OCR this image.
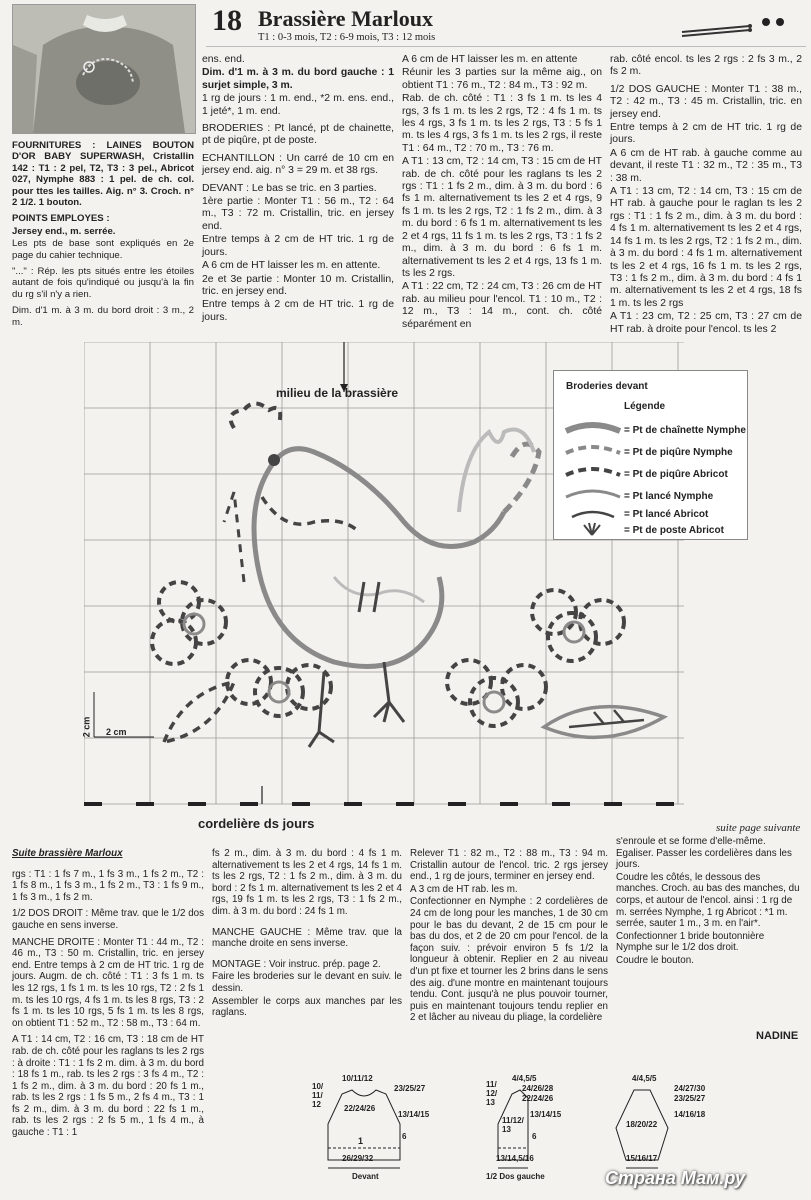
18 Brassière Marloux
T1 : 0-3 mois, T2 : 6-9 mois, T3 : 12 mois

FOURNITURES : LAINES BOUTON D'OR BABY SUPERWASH, Cristallin 142 : T1 : 2 pel, T2, T3 : 3 pel., Abricot 027, Nymphe 883 : 1 pel. de ch. col. pour ttes les tailles. Aig. n° 3. Croch. n° 2 1/2. 1 bouton.

POINTS EMPLOYES :

Jersey end., m. serrée.

Les pts de base sont expliqués en 2e page du cahier technique.

"..." : Rép. les pts situés entre les étoiles autant de fois qu'indiqué ou jusqu'à la fin du rg s'il n'y a rien.

Dim. d'1 m. à 3 m. du bord droit : 3 m., 2 m.

ens. end.

Dim. d'1 m. à 3 m. du bord gauche : 1 surjet simple, 3 m.

1 rg de jours : 1 m. end., *2 m. ens. end., 1 jeté*, 1 m. end.

BRODERIES : Pt lancé, pt de chainette, pt de piqûre, pt de poste.

ECHANTILLON : Un carré de 10 cm en jersey end. aig. n° 3 = 29 m. et 38 rgs.

DEVANT : Le bas se tric. en 3 parties.

1ère partie : Monter T1 : 56 m., T2 : 64 m., T3 : 72 m. Cristallin, tric. en jersey end.

Entre temps à 2 cm de HT tric. 1 rg de jours.

A 6 cm de HT laisser les m. en attente.

2e et 3e partie : Monter 10 m. Cristallin, tric. en jersey end.

Entre temps à 2 cm de HT tric. 1 rg de jours.

A 6 cm de HT laisser les m. en attente

Réunir les 3 parties sur la même aig., on obtient T1 : 76 m., T2 : 84 m., T3 : 92 m.

Rab. de ch. côté : T1 : 3 fs 1 m. ts les 4 rgs, 3 fs 1 m. ts les 2 rgs, T2 : 4 fs 1 m. ts les 4 rgs, 3 fs 1 m. ts les 2 rgs, T3 : 5 fs 1 m. ts les 4 rgs, 3 fs 1 m. ts les 2 rgs, il reste T1 : 64 m., T2 : 70 m., T3 : 76 m.

A T1 : 13 cm, T2 : 14 cm, T3 : 15 cm de HT rab. de ch. côté pour les raglans ts les 2 rgs : T1 : 1 fs 2 m., dim. à 3 m. du bord : 6 fs 1 m. alternativement ts les 2 et 4 rgs, 9 fs 1 m. ts les 2 rgs, T2 : 1 fs 2 m., dim. à 3 m. du bord : 6 fs 1 m. alternativement ts les 2 et 4 rgs, 11 fs 1 m. ts les 2 rgs, T3 : 1 fs 2 m., dim. à 3 m. du bord : 6 fs 1 m. alternativement ts les 2 et 4 rgs, 13 fs 1 m. ts les 2 rgs.

A T1 : 22 cm, T2 : 24 cm, T3 : 26 cm de HT rab. au milieu pour l'encol. T1 : 10 m., T2 : 12 m., T3 : 14 m., cont. ch. côté séparément en

rab. côté encol. ts les 2 rgs : 2 fs 3 m., 2 fs 2 m.

1/2 DOS GAUCHE : Monter T1 : 38 m., T2 : 42 m., T3 : 45 m. Cristallin, tric. en jersey end.

Entre temps à 2 cm de HT tric. 1 rg de jours.

A 6 cm de HT rab. à gauche comme au devant, il reste T1 : 32 m., T2 : 35 m., T3 : 38 m.

A T1 : 13 cm, T2 : 14 cm, T3 : 15 cm de HT rab. à gauche pour le raglan ts les 2 rgs : T1 : 1 fs 2 m., dim. à 3 m. du bord : 4 fs 1 m. alternativement ts les 2 et 4 rgs, 14 fs 1 m. ts les 2 rgs, T2 : 1 fs 2 m., dim. à 3 m. du bord : 4 fs 1 m. alternativement ts les 2 et 4 rgs, 16 fs 1 m. ts les 2 rgs, T3 : 1 fs 2 m., dim. à 3 m. du bord : 4 fs 1 m. alternativement ts les 2 et 4 rgs, 18 fs 1 m. ts les 2 rgs

A T1 : 23 cm, T2 : 25 cm, T3 : 27 cm de HT rab. à droite pour l'encol. ts les 2

milieu de la brassière
cordelière ds jours
2 cm 2 cm
Broderies devant
Légende
= Pt de chaînette Nymphe
= Pt de piqûre Nymphe
= Pt de piqûre Abricot
= Pt lancé Nymphe
= Pt lancé Abricot
= Pt de poste Abricot
suite page suivante

Suite brassière Marloux

rgs : T1 : 1 fs 7 m., 1 fs 3 m., 1 fs 2 m., T2 : 1 fs 8 m., 1 fs 3 m., 1 fs 2 m., T3 : 1 fs 9 m., 1 fs 3 m., 1 fs 2 m.

1/2 DOS DROIT : Même trav. que le 1/2 dos gauche en sens inverse.

MANCHE DROITE : Monter T1 : 44 m., T2 : 46 m., T3 : 50 m. Cristallin, tric. en jersey end. Entre temps à 2 cm de HT tric. 1 rg de jours. Augm. de ch. côté : T1 : 3 fs 1 m. ts les 12 rgs, 1 fs 1 m. ts les 10 rgs, T2 : 2 fs 1 m. ts les 10 rgs, 4 fs 1 m. ts les 8 rgs, T3 : 2 fs 1 m. ts les 10 rgs, 5 fs 1 m. ts les 8 rgs, on obtient T1 : 52 m., T2 : 58 m., T3 : 64 m.

A T1 : 14 cm, T2 : 16 cm, T3 : 18 cm de HT rab. de ch. côté pour les raglans ts les 2 rgs : à droite : T1 : 1 fs 2 m. dim. à 3 m. du bord : 18 fs 1 m., rab. ts les 2 rgs : 3 fs 4 m., T2 : 1 fs 2 m., dim. à 3 m. du bord : 20 fs 1 m., rab. ts les 2 rgs : 1 fs 5 m., 2 fs 4 m., T3 : 1 fs 2 m., dim. à 3 m. du bord : 22 fs 1 m., rab. ts les 2 rgs : 2 fs 5 m., 1 fs 4 m., à gauche : T1 : 1

fs 2 m., dim. à 3 m. du bord : 4 fs 1 m. alternativement ts les 2 et 4 rgs, 14 fs 1 m. ts les 2 rgs, T2 : 1 fs 2 m., dim. à 3 m. du bord : 2 fs 1 m. alternativement ts les 2 et 4 rgs, 19 fs 1 m. ts les 2 rgs, T3 : 1 fs 2 m., dim. à 3 m. du bord : 24 fs 1 m.

MANCHE GAUCHE : Même trav. que la manche droite en sens inverse.

MONTAGE : Voir instruc. prép. page 2.

Faire les broderies sur le devant en suiv. le dessin.

Assembler le corps aux manches par les raglans.

Relever T1 : 82 m., T2 : 88 m., T3 : 94 m. Cristallin autour de l'encol. tric. 2 rgs jersey end., 1 rg de jours, terminer en jersey end.

A 3 cm de HT rab. les m.

Confectionner en Nymphe : 2 cordelières de 24 cm de long pour les manches, 1 de 30 cm pour le bas du devant, 2 de 15 cm pour le bas du dos, et 2 de 20 cm pour l'encol. de la façon suiv. : prévoir environ 5 fs 1/2 la longueur à obtenir. Replier en 2 au niveau d'un pt fixe et tourner les 2 brins dans le sens des aig. d'une montre en maintenant toujours tendu. Cont. jusqu'à ne plus pouvoir tourner, puis en maintenant toujours tendu replier en 2 et lâcher au niveau du pliage, la cordelière

s'enroule et se forme d'elle-même. Egaliser. Passer les cordelières dans les jours.

Coudre les côtés, le dessous des manches. Croch. au bas des manches, du corps, et autour de l'encol. ainsi : 1 rg de m. serrées Nymphe, 1 rg Abricot : *1 m. serrée, sauter 1 m., 3 m. en l'air*.

Confectionner 1 bride boutonnière Nymphe sur le 1/2 dos droit.

Coudre le bouton.

NADINE
10/11/12
23/25/27
22/24/26
10/
11/
12
13/14/15
6
1
26/29/32
Devant
4/4,5/5
24/26/28
22/24/26
11/
12/
13
11/12/
13
13/14/15
6
13/14,5/16
1/2 Dos gauche
4/4,5/5
24/27/30
23/25/27
14/16/18
18/20/22
15/16/17
Страна Мам.ру
